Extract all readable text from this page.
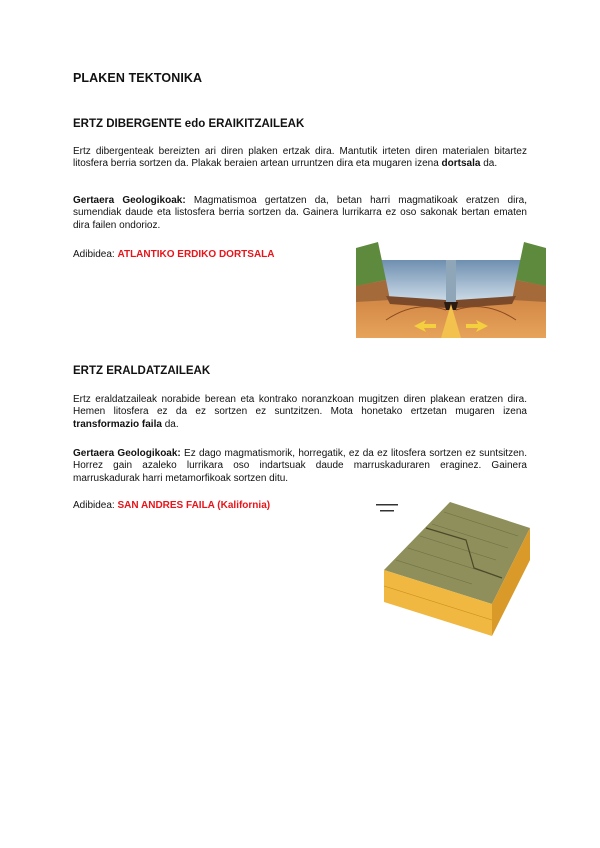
PLAKEN TEKTONIKA
ERTZ DIBERGENTE edo ERAIKITZAILEAK

Ertz dibergenteak bereizten ari diren plaken ertzak dira. Mantutik irteten diren materialen bitartez litosfera berria sortzen da. Plakak beraien artean urruntzen dira eta mugaren izena dortsala da.

Gertaera Geologikoak: Magmatismoa gertatzen da, betan harri magmatikoak eratzen dira, sumendiak daude eta listosfera berria sortzen da. Gainera lurrikarra ez oso sakonak bertan ematen dira failen ondorioz.

Adibidea: ATLANTIKO ERDIKO DORTSALA
ERTZ ERALDATZAILEAK

Ertz eraldatzaileak norabide berean eta kontrako noranzkoan mugitzen diren plakean eratzen dira. Hemen litosfera ez da ez sortzen ez suntzitzen. Mota honetako ertzetan mugaren izena transformazio faila da.

Gertaera Geologikoak: Ez dago magmatismorik, horregatik, ez da ez litosfera sortzen ez suntsitzen. Horrez gain azaleko lurrikara oso indartsuak daude marruskaduraren eraginez. Gainera marruskadurak harri metamorfikoak sortzen ditu.

Adibidea: SAN ANDRES FAILA (Kalifornia)
